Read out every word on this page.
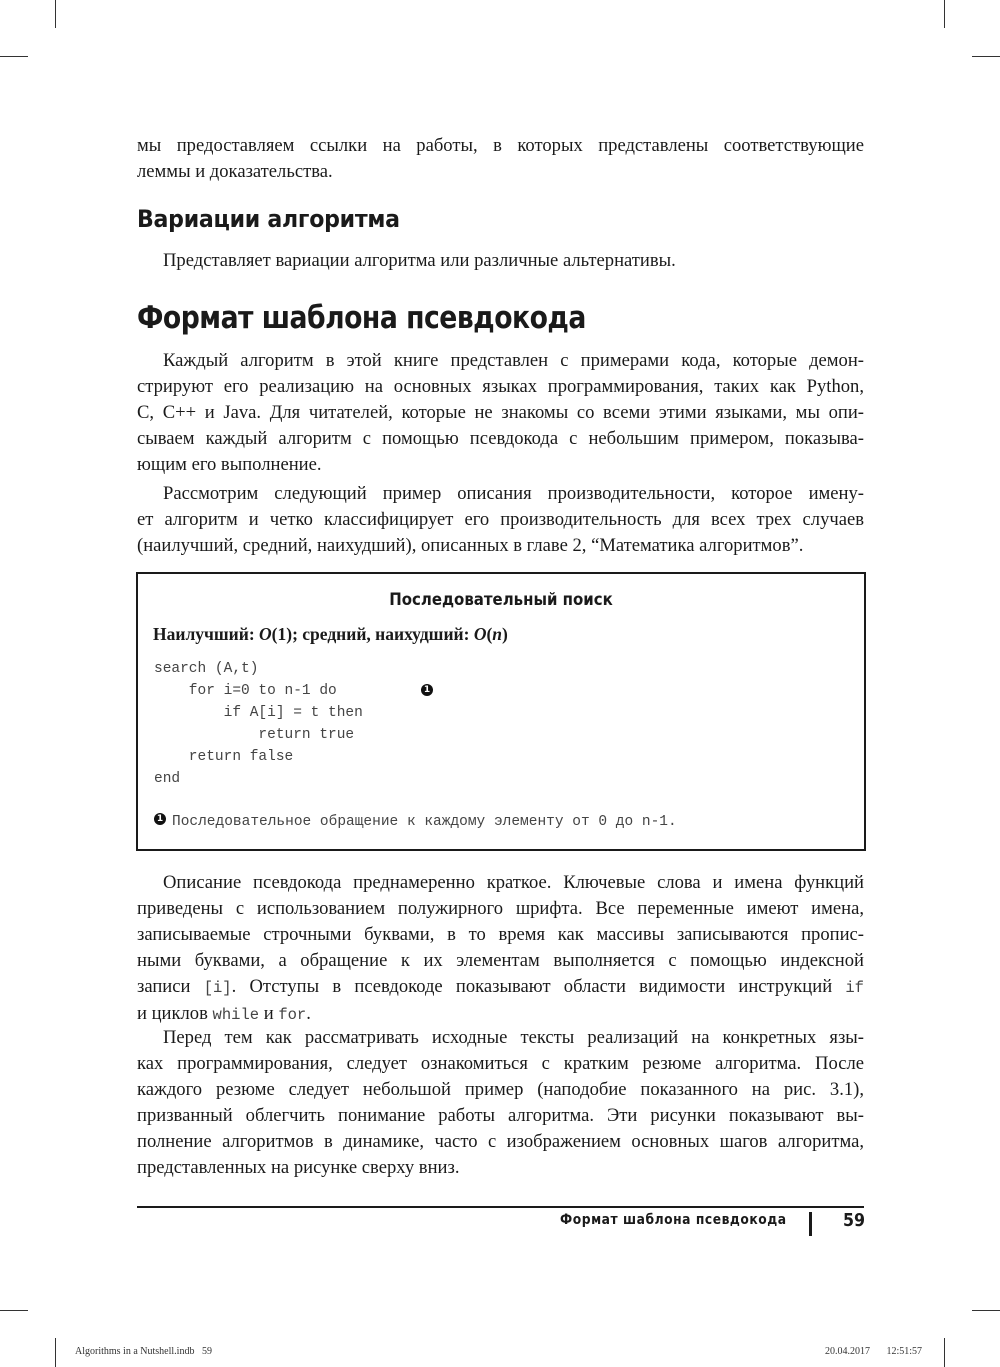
мы предоставляем ссылки на работы, в которых представлены соответствующие
леммы и доказательства.
Вариации алгоритма
Представляет вариации алгоритма или различные альтернативы.
Формат шаблона псевдокода
Каждый алгоритм в этой книге представлен с примерами кода, которые демон-
стрируют его реализацию на основных языках программирования, таких как Python,
C, C++ и Java. Для читателей, которые не знакомы со всеми этими языками, мы опи-
сываем каждый алгоритм с помощью псевдокода с небольшим примером, показыва-
ющим его выполнение.
Рассмотрим следующий пример описания производительности, которое имену-
ет алгоритм и четко классифицирует его производительность для всех трех случаев
(наилучший, средний, наихудший), описанных в главе 2, “Математика алгоритмов”.
Последовательный поиск
Наилучший: O(1); средний, наихудший: O(n)
search (A,t)
for i=0 to n-1 do
if A[i] = t then
return true
return false
end
1
1 Последовательное обращение к каждому элементу от 0 до n-1.
Описание псевдокода преднамеренно краткое. Ключевые слова и имена функций
приведены с использованием полужирного шрифта. Все переменные имеют имена,
записываемые строчными буквами, в то время как массивы записываются пропис-
ными буквами, а обращение к их элементам выполняется с помощью индексной
записи [i]. Отступы в псевдокоде показывают области видимости инструкций if
и циклов while и for.
Перед тем как рассматривать исходные тексты реализаций на конкретных язы-
ках программирования, следует ознакомиться с кратким резюме алгоритма. После
каждого резюме следует небольшой пример (наподобие показанного на рис. 3.1),
призванный облегчить понимание работы алгоритма. Эти рисунки показывают вы-
полнение алгоритмов в динамике, часто с изображением основных шагов алгоритма,
представленных на рисунке сверху вниз.
Формат шаблона псевдокода	59
Algorithms in a Nutshell.indb   59	20.04.2017   12:51:57
